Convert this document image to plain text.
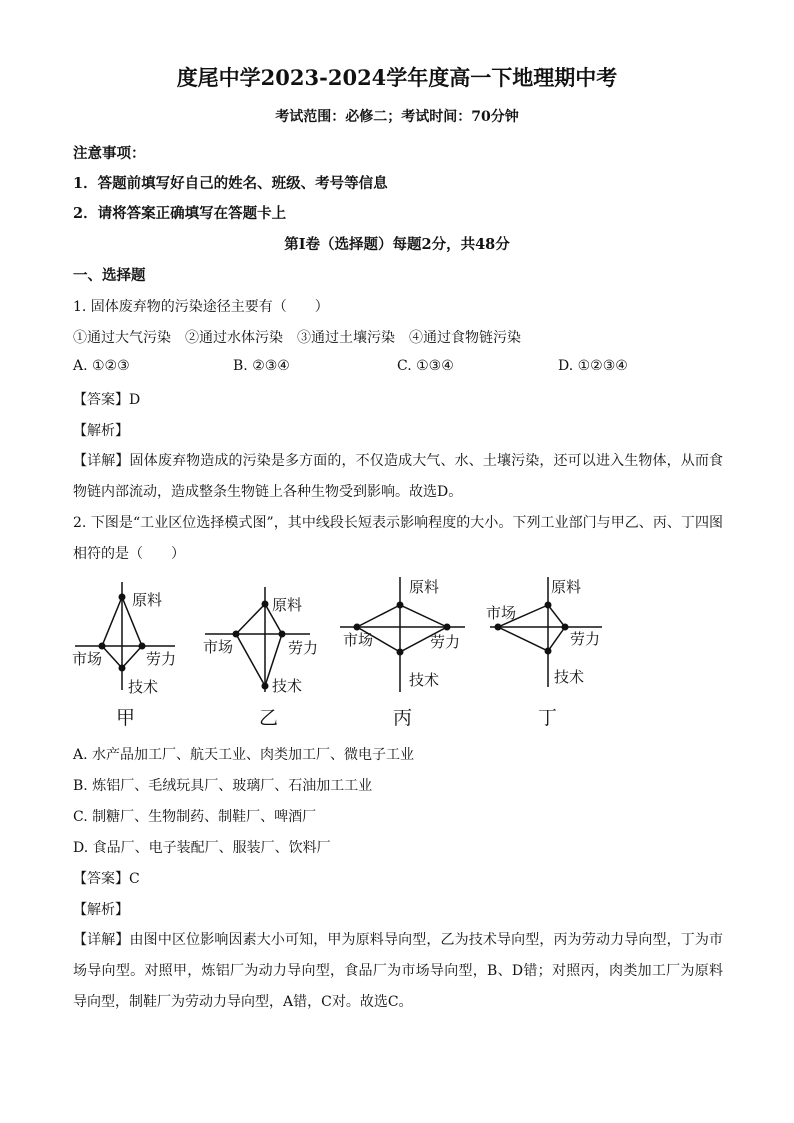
度尾中学2023-2024学年度高一下地理期中考
考试范围：必修二；考试时间：70分钟
注意事项：
1．答题前填写好自己的姓名、班级、考号等信息
2．请将答案正确填写在答题卡上
第I卷（选择题）每题2分，共48分
一、选择题
1. 固体废弃物的污染途径主要有（　　）
①通过大气污染　②通过水体污染　③通过土壤污染　④通过食物链污染
A. ①②③	B. ②③④	C. ①③④	D. ①②③④
【答案】D
【解析】
【详解】固体废弃物造成的污染是多方面的，不仅造成大气、水、土壤污染，还可以进入生物体，从而食物链内部流动，造成整条生物链上各种生物受到影响。故选D。
2. 下图是“工业区位选择模式图”，其中线段长短表示影响程度的大小。下列工业部门与甲乙、丙、丁四图相符的是（　　）
原料
市场	劳力
技术
甲
原料
市场	劳力
技术
乙
原料
市场	劳力
技术
丙
原料
市场
劳力
技术
丁
A. 水产品加工厂、航天工业、肉类加工厂、微电子工业
B. 炼铝厂、毛绒玩具厂、玻璃厂、石油加工工业
C. 制糖厂、生物制药、制鞋厂、啤酒厂
D. 食品厂、电子装配厂、服装厂、饮料厂
【答案】C
【解析】
【详解】由图中区位影响因素大小可知，甲为原料导向型，乙为技术导向型，丙为劳动力导向型，丁为市场导向型。对照甲，炼铝厂为动力导向型，食品厂为市场导向型，B、D错；对照丙，肉类加工厂为原料导向型，制鞋厂为劳动力导向型，A错，C对。故选C。
